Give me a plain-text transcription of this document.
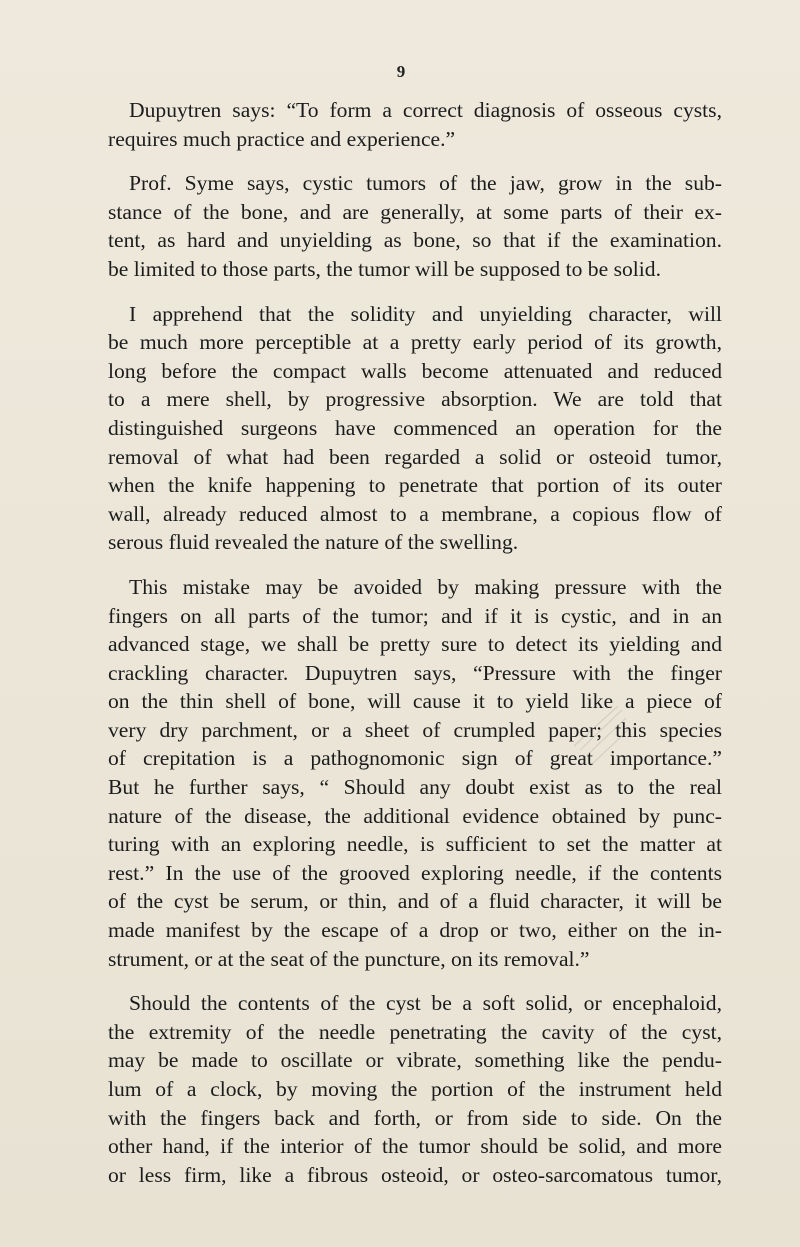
9

Dupuytren says: “To form a correct diagnosis of osseous cysts,
requires much practice and experience.”

Prof. Syme says, cystic tumors of the jaw, grow in the sub-
stance of the bone, and are generally, at some parts of their ex-
tent, as hard and unyielding as bone, so that if the examination.
be limited to those parts, the tumor will be supposed to be solid.

I apprehend that the solidity and unyielding character, will
be much more perceptible at a pretty early period of its growth,
long before the compact walls become attenuated and reduced
to a mere shell, by progressive absorption. We are told that
distinguished surgeons have commenced an operation for the
removal of what had been regarded a solid or osteoid tumor,
when the knife happening to penetrate that portion of its outer
wall, already reduced almost to a membrane, a copious flow of
serous fluid revealed the nature of the swelling.

This mistake may be avoided by making pressure with the
fingers on all parts of the tumor; and if it is cystic, and in an
advanced stage, we shall be pretty sure to detect its yielding and
crackling character. Dupuytren says, “Pressure with the finger
on the thin shell of bone, will cause it to yield like a piece of
very dry parchment, or a sheet of crumpled paper; this species
of crepitation is a pathognomonic sign of great importance.”
But he further says, “ Should any doubt exist as to the real
nature of the disease, the additional evidence obtained by punc-
turing with an exploring needle, is sufficient to set the matter at
rest.” In the use of the grooved exploring needle, if the contents
of the cyst be serum, or thin, and of a fluid character, it will be
made manifest by the escape of a drop or two, either on the in-
strument, or at the seat of the puncture, on its removal.”

Should the contents of the cyst be a soft solid, or encephaloid,
the extremity of the needle penetrating the cavity of the cyst,
may be made to oscillate or vibrate, something like the pendu-
lum of a clock, by moving the portion of the instrument held
with the fingers back and forth, or from side to side. On the
other hand, if the interior of the tumor should be solid, and more
or less firm, like a fibrous osteoid, or osteo-sarcomatous tumor,
